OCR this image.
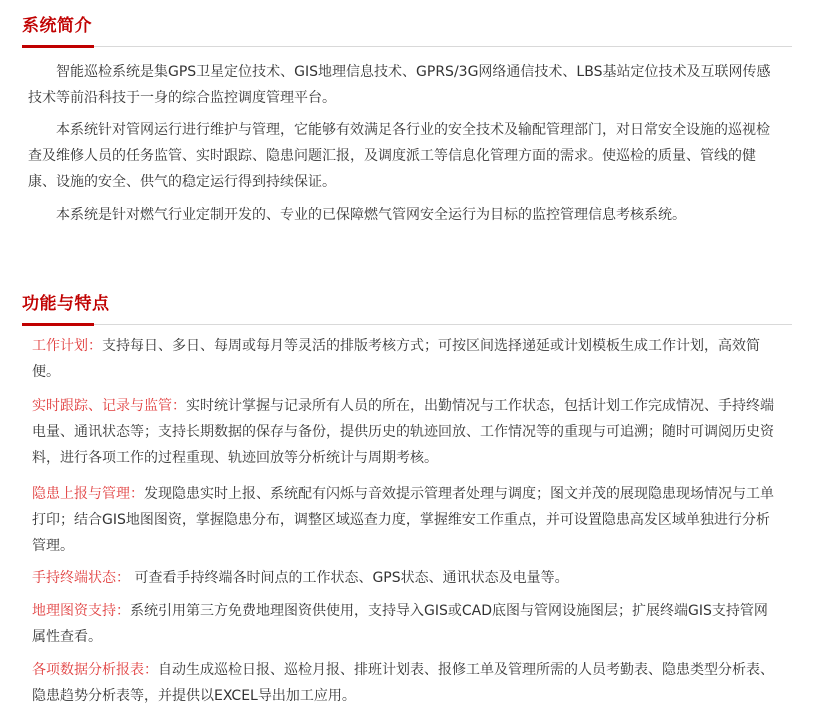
系统简介

智能巡检系统是集GPS卫星定位技术、GIS地理信息技术、GPRS/3G网络通信技术、LBS基站定位技术及互联网传感技术等前沿科技于一身的综合监控调度管理平台。

本系统针对管网运行进行维护与管理，它能够有效满足各行业的安全技术及输配管理部门，对日常安全设施的巡视检查及维修人员的任务监管、实时跟踪、隐患问题汇报，及调度派工等信息化管理方面的需求。使巡检的质量、管线的健康、设施的安全、供气的稳定运行得到持续保证。

本系统是针对燃气行业定制开发的、专业的已保障燃气管网安全运行为目标的监控管理信息考核系统。

功能与特点

工作计划：支持每日、多日、每周或每月等灵活的排版考核方式；可按区间选择递延或计划模板生成工作计划，高效简便。

实时跟踪、记录与监管：实时统计掌握与记录所有人员的所在，出勤情况与工作状态，包括计划工作完成情况、手持终端电量、通讯状态等；支持长期数据的保存与备份，提供历史的轨迹回放、工作情况等的重现与可追溯；随时可调阅历史资料，进行各项工作的过程重现、轨迹回放等分析统计与周期考核。

隐患上报与管理：发现隐患实时上报、系统配有闪烁与音效提示管理者处理与调度；图文并茂的展现隐患现场情况与工单打印；结合GIS地图图资，掌握隐患分布，调整区域巡查力度，掌握维安工作重点，并可设置隐患高发区域单独进行分析管理。

手持终端状态： 可查看手持终端各时间点的工作状态、GPS状态、通讯状态及电量等。

地理图资支持：系统引用第三方免费地理图资供使用，支持导入GIS或CAD底图与管网设施图层；扩展终端GIS支持管网属性查看。

各项数据分析报表：自动生成巡检日报、巡检月报、排班计划表、报修工单及管理所需的人员考勤表、隐患类型分析表、隐患趋势分析表等，并提供以EXCEL导出加工应用。
